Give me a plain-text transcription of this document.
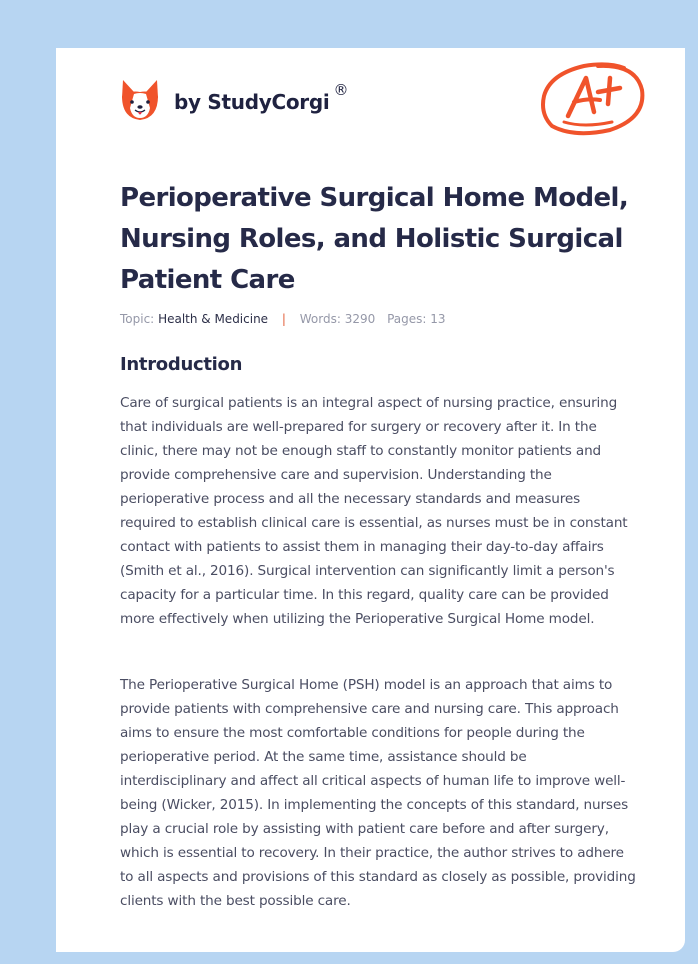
by StudyCorgi ®
Perioperative Surgical Home Model, Nursing Roles, and Holistic Surgical Patient Care
Topic: Health & Medicine | Words: 3290 Pages: 13
Introduction

Care of surgical patients is an integral aspect of nursing practice, ensuring that individuals are well-prepared for surgery or recovery after it. In the clinic, there may not be enough staff to constantly monitor patients and provide comprehensive care and supervision. Understanding the perioperative process and all the necessary standards and measures required to establish clinical care is essential, as nurses must be in constant contact with patients to assist them in managing their day-to-day affairs (Smith et al., 2016). Surgical intervention can significantly limit a person's capacity for a particular time. In this regard, quality care can be provided more effectively when utilizing the Perioperative Surgical Home model.

The Perioperative Surgical Home (PSH) model is an approach that aims to provide patients with comprehensive care and nursing care. This approach aims to ensure the most comfortable conditions for people during the perioperative period. At the same time, assistance should be interdisciplinary and affect all critical aspects of human life to improve well-being (Wicker, 2015). In implementing the concepts of this standard, nurses play a crucial role by assisting with patient care before and after surgery, which is essential to recovery. In their practice, the author strives to adhere to all aspects and provisions of this standard as closely as possible, providing clients with the best possible care.
